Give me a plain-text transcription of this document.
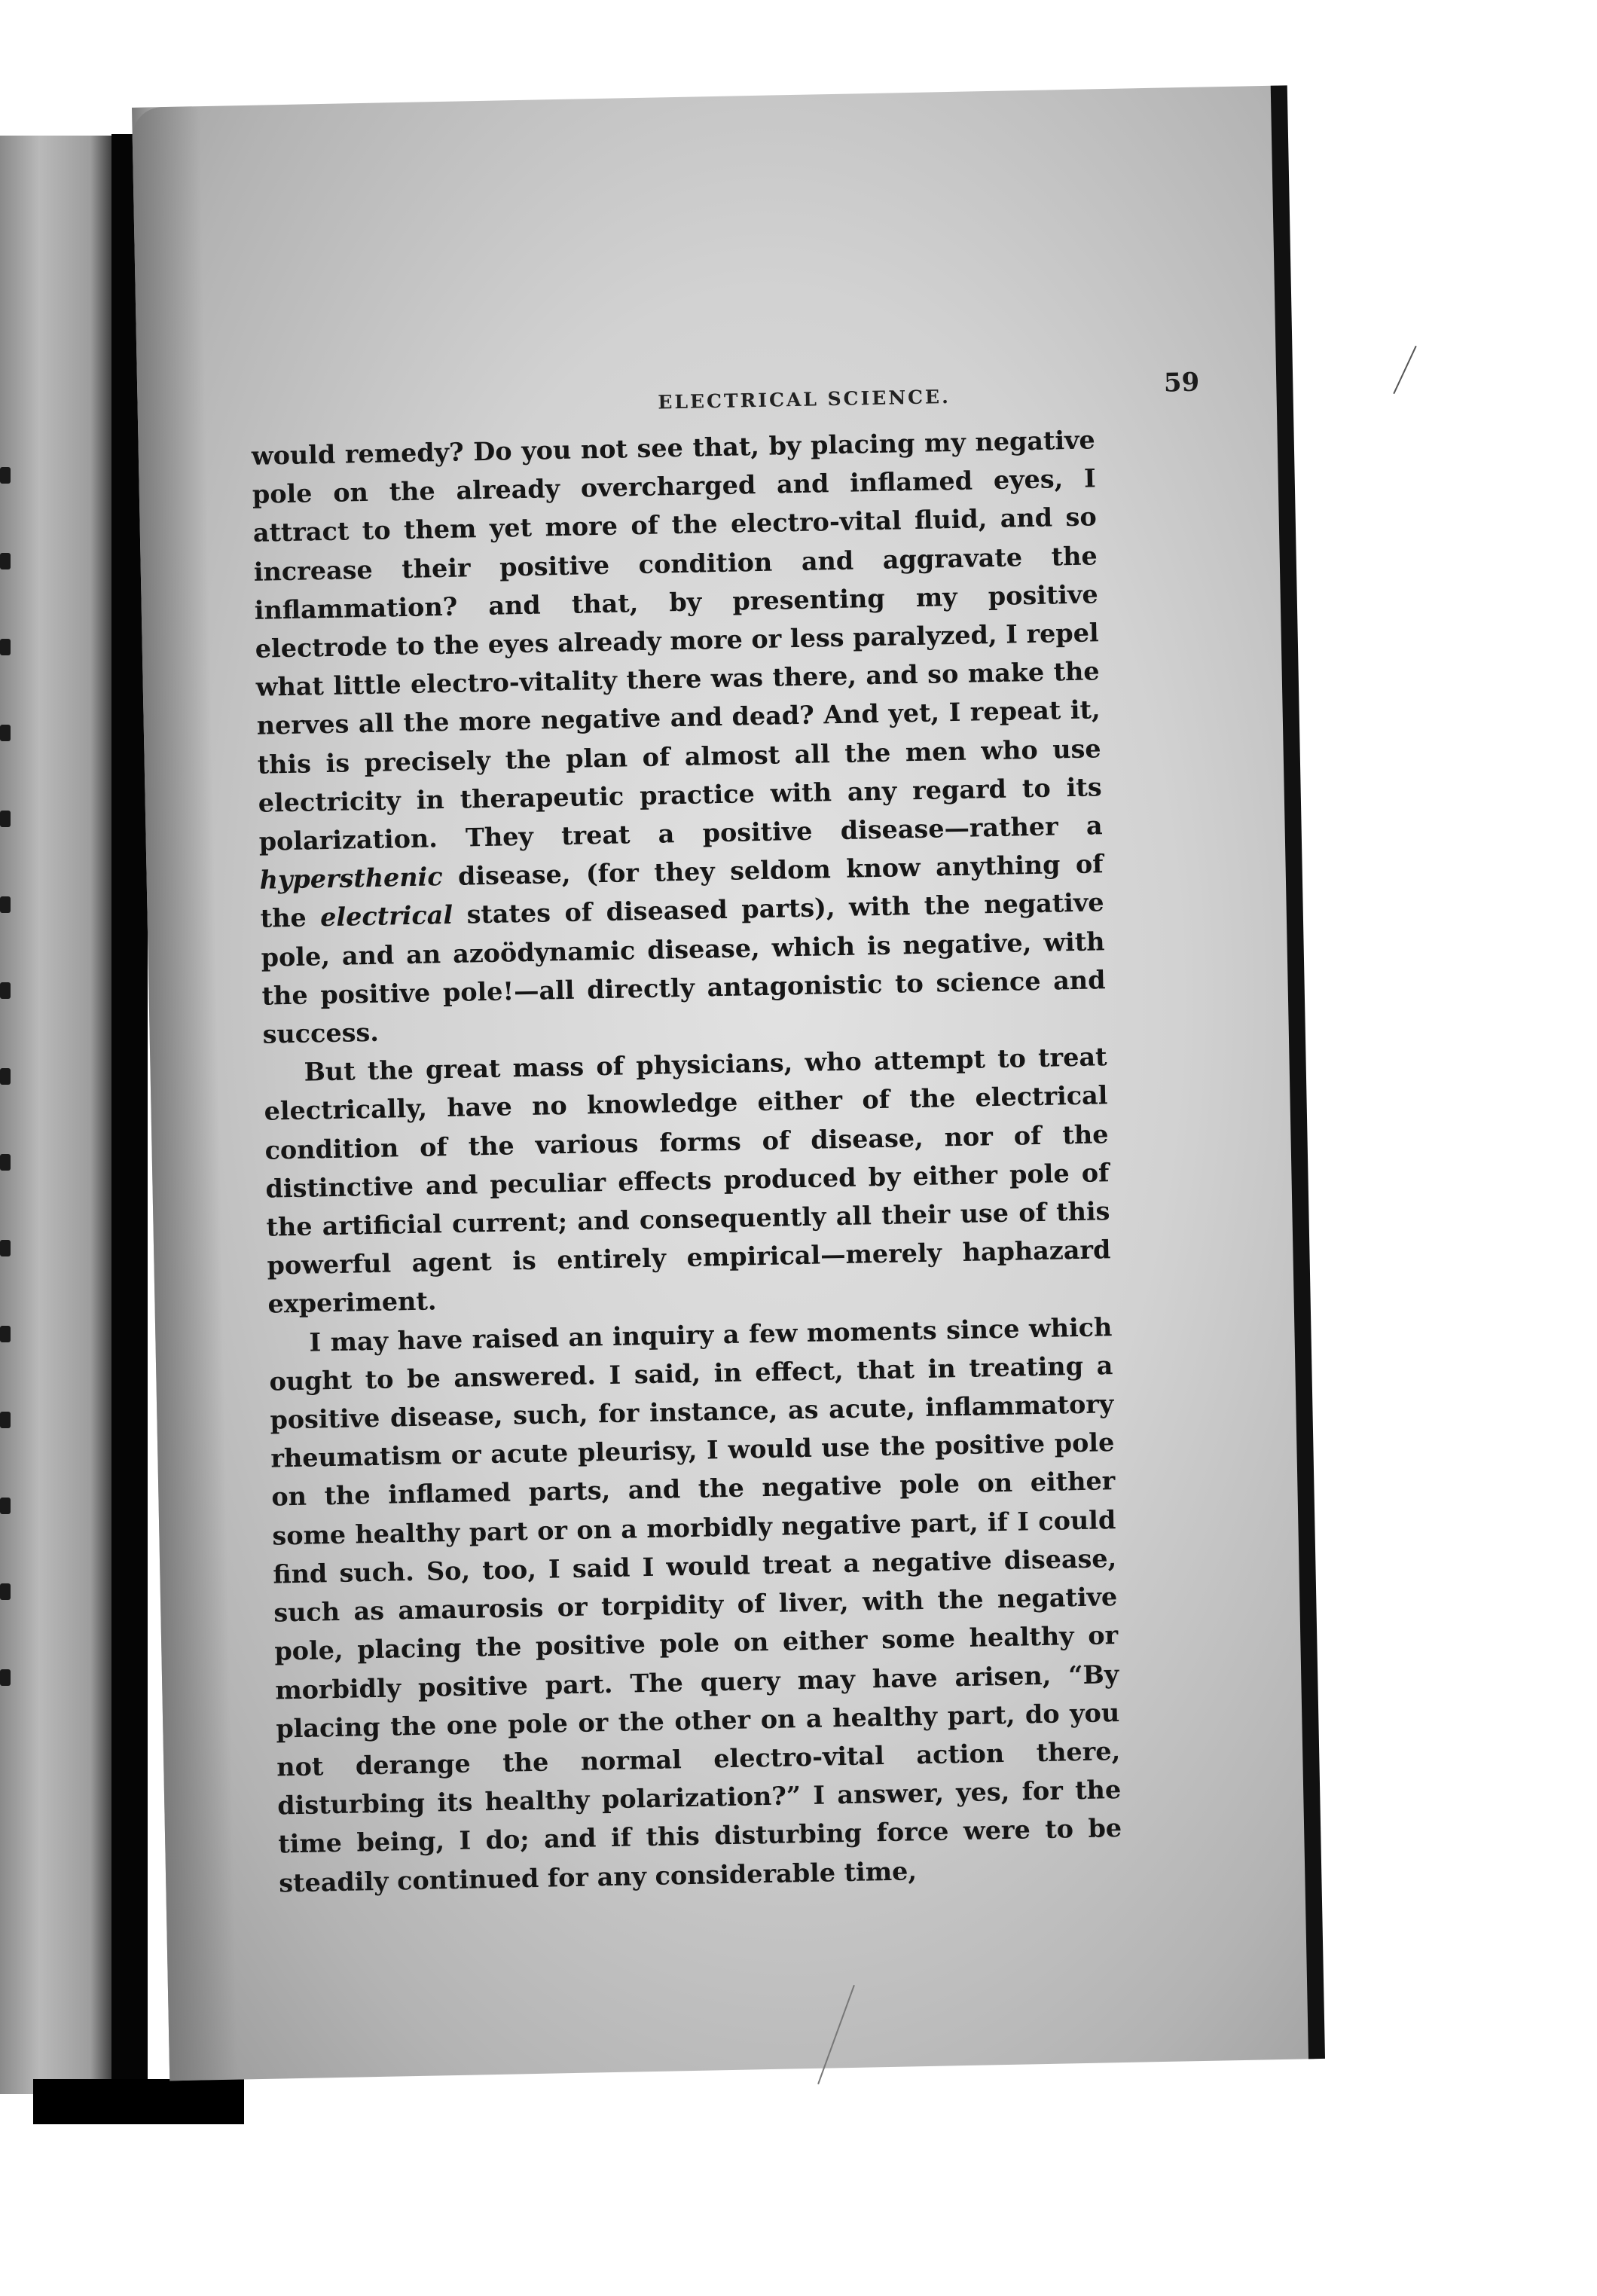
ELECTRICAL SCIENCE.
59

would remedy? Do you not see that, by placing my negative pole on the already overcharged and inflamed eyes, I attract to them yet more of the electro-vital fluid, and so increase their positive condition and aggravate the inflammation? and that, by presenting my positive electrode to the eyes already more or less paralyzed, I repel what little electro-vitality there was there, and so make the nerves all the more negative and dead? And yet, I repeat it, this is precisely the plan of almost all the men who use electricity in therapeutic practice with any regard to its polarization. They treat a positive disease—rather a hypersthenic disease, (for they seldom know anything of the electrical states of diseased parts), with the negative pole, and an azoödynamic disease, which is negative, with the positive pole!—all directly antagonistic to science and success.

But the great mass of physicians, who attempt to treat electrically, have no knowledge either of the electrical condition of the various forms of disease, nor of the distinctive and peculiar effects produced by either pole of the artificial current; and consequently all their use of this powerful agent is entirely empirical—merely haphazard experiment.

I may have raised an inquiry a few moments since which ought to be answered. I said, in effect, that in treating a positive disease, such, for instance, as acute, inflammatory rheumatism or acute pleurisy, I would use the positive pole on the inflamed parts, and the negative pole on either some healthy part or on a morbidly negative part, if I could find such. So, too, I said I would treat a negative disease, such as amaurosis or torpidity of liver, with the negative pole, placing the positive pole on either some healthy or morbidly positive part. The query may have arisen, “By placing the one pole or the other on a healthy part, do you not derange the normal electro-vital action there, disturbing its healthy polarization?” I answer, yes, for the time being, I do; and if this disturbing force were to be steadily continued for any considerable time,
